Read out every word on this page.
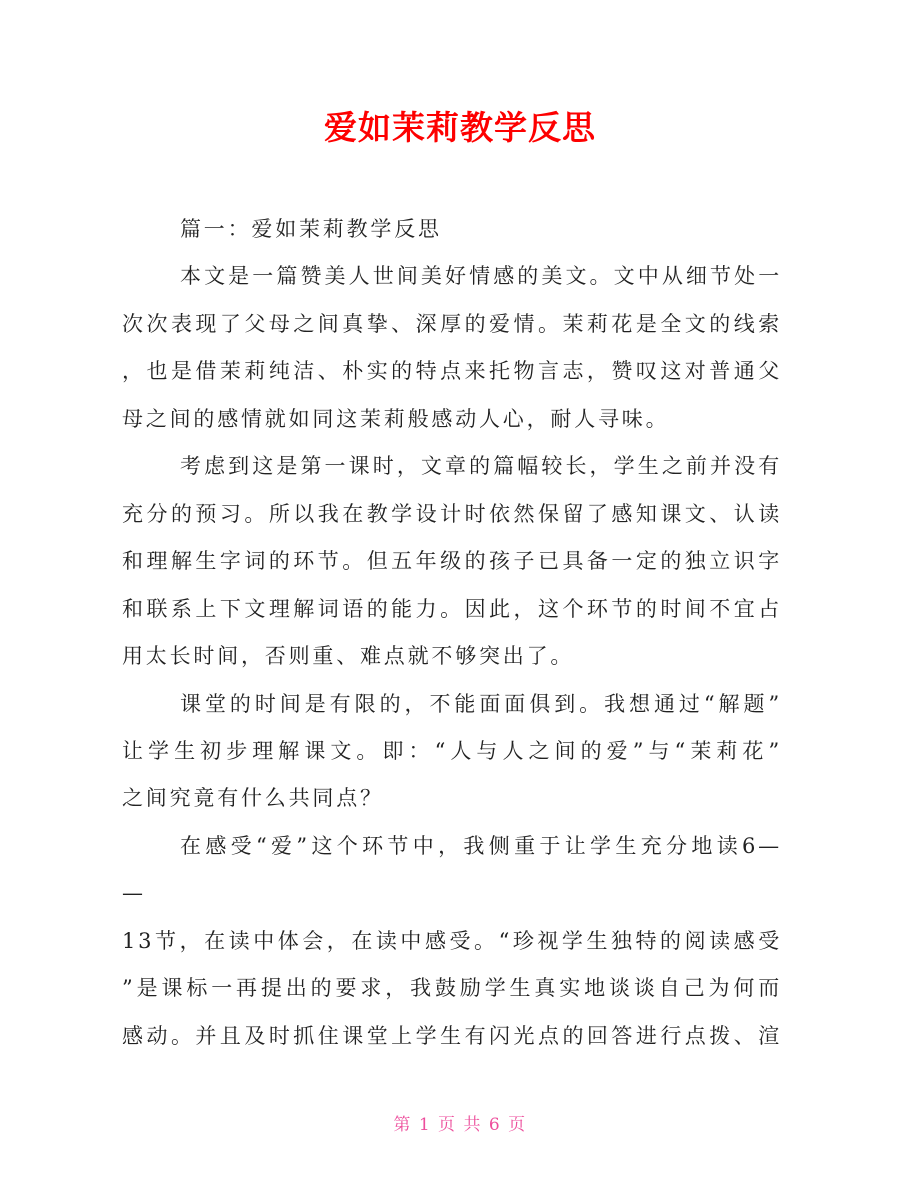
爱如茉莉教学反思
篇一：爱如茉莉教学反思
本文是一篇赞美人世间美好情感的美文。文中从细节处一
次次表现了父母之间真挚、深厚的爱情。茉莉花是全文的线索
，也是借茉莉纯洁、朴实的特点来托物言志，赞叹这对普通父
母之间的感情就如同这茉莉般感动人心，耐人寻味。
考虑到这是第一课时，文章的篇幅较长，学生之前并没有
充分的预习。所以我在教学设计时依然保留了感知课文、认读
和理解生字词的环节。但五年级的孩子已具备一定的独立识字
和联系上下文理解词语的能力。因此，这个环节的时间不宜占
用太长时间，否则重、难点就不够突出了。
课堂的时间是有限的，不能面面俱到。我想通过“解题”
让学生初步理解课文。即：“人与人之间的爱”与“茉莉花”
之间究竟有什么共同点？
在感受“爱”这个环节中，我侧重于让学生充分地读6—
—
13节，在读中体会，在读中感受。“珍视学生独特的阅读感受
”是课标一再提出的要求，我鼓励学生真实地谈谈自己为何而
感动。并且及时抓住课堂上学生有闪光点的回答进行点拨、渲
第 1 页 共 6 页
